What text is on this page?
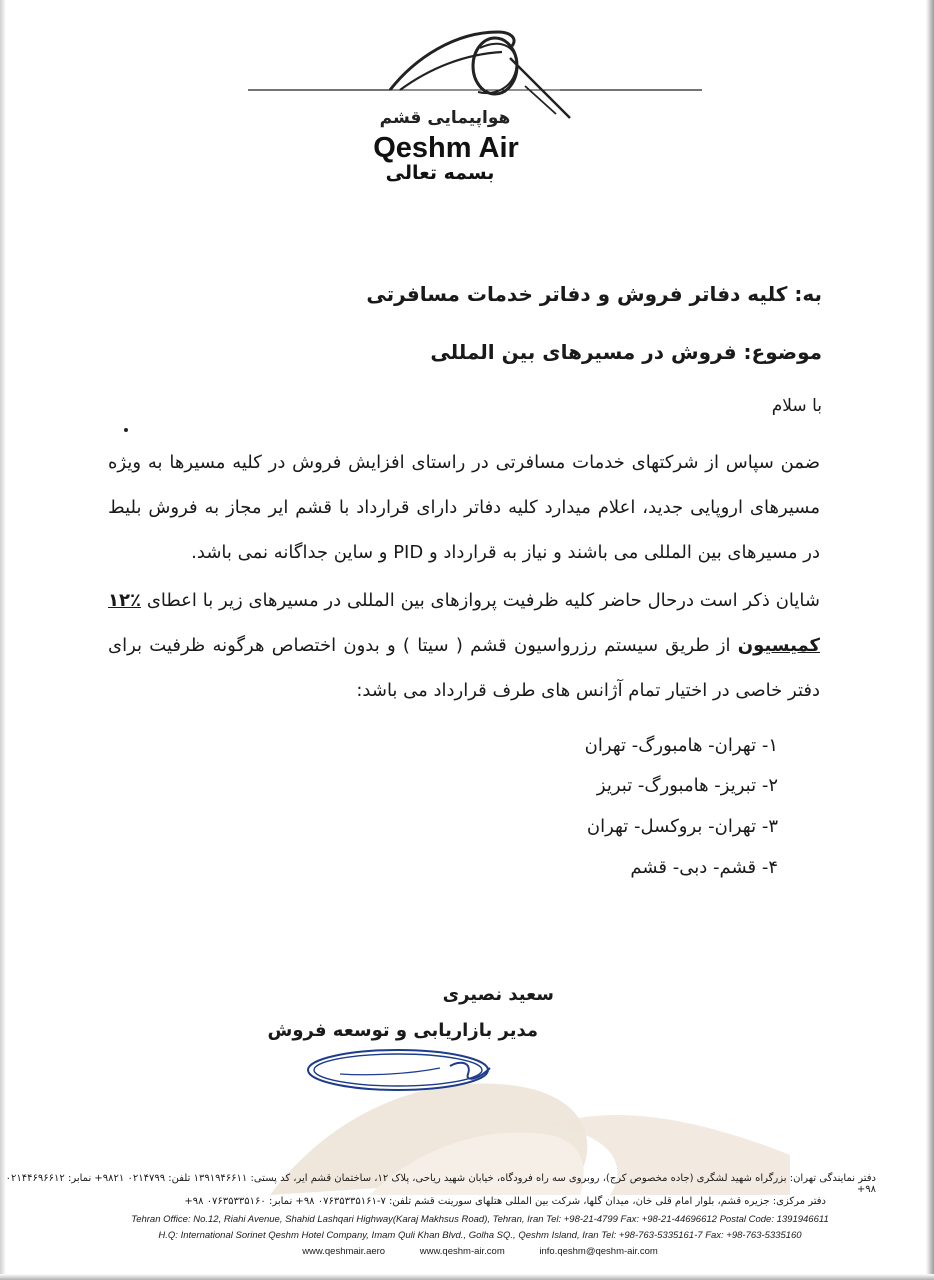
هواپیمایی قشم
Qeshm Air
بسمه تعالی
به: کلیه دفاتر فروش و دفاتر خدمات مسافرتی
موضوع: فروش در مسیرهای بین المللی
با سلام
ضمن سپاس از شرکتهای خدمات مسافرتی در راستای افزایش فروش در کلیه مسیرها به ویژه مسیرهای اروپایی جدید، اعلام میدارد کلیه دفاتر دارای قرارداد با قشم ایر مجاز به فروش بلیط در مسیرهای بین المللی می باشند و نیاز به قرارداد و PID و ساین جداگانه نمی باشد.
شایان ذکر است درحال حاضر کلیه ظرفیت پروازهای بین المللی در مسیرهای زیر با اعطای ٪۱۲ کمیسیون از طریق سیستم رزرواسیون قشم ( سیتا ) و بدون اختصاص هرگونه ظرفیت برای دفتر خاصی در اختیار تمام آژانس های طرف قرارداد می باشد:
۱- تهران- هامبورگ- تهران
۲- تبریز- هامبورگ- تبریز
۳- تهران- بروکسل- تهران
۴- قشم- دبی- قشم
سعید نصیری
مدیر بازاریابی و توسعه فروش
دفتر نمایندگی تهران: بزرگراه شهید لشگری (جاده مخصوص کرج)، روبروی سه راه فرودگاه، خیابان شهید ریاحی، پلاک ۱۲، ساختمان قشم ایر، کد پستی: ۱۳۹۱۹۴۶۶۱۱ تلفن: ۰۲۱۴۷۹۹ ۹۸۲۱+ نمابر: ۰۲۱۴۴۶۹۶۶۱۲ ۹۸+
دفتر مرکزی: جزیره قشم، بلوار امام قلی خان، میدان گلها، شرکت بین المللی هتلهای سورینت قشم تلفن: ۷-۰۷۶۳۵۳۳۵۱۶۱ ۹۸+ نمابر: ۰۷۶۳۵۳۳۵۱۶۰ ۹۸+
Tehran Office: No.12, Riahi Avenue, Shahid Lashqari Highway(Karaj Makhsus Road), Tehran, Iran Tel: +98-21-4799 Fax: +98-21-44696612 Postal Code: 1391946611
H.Q: International Sorinet Qeshm Hotel Company, Imam Quli Khan Blvd., Golha SQ., Qeshm Island, Iran Tel: +98-763-5335161-7 Fax: +98-763-5335160
www.qeshmair.aero	www.qeshm-air.com	info.qeshm@qeshm-air.com
